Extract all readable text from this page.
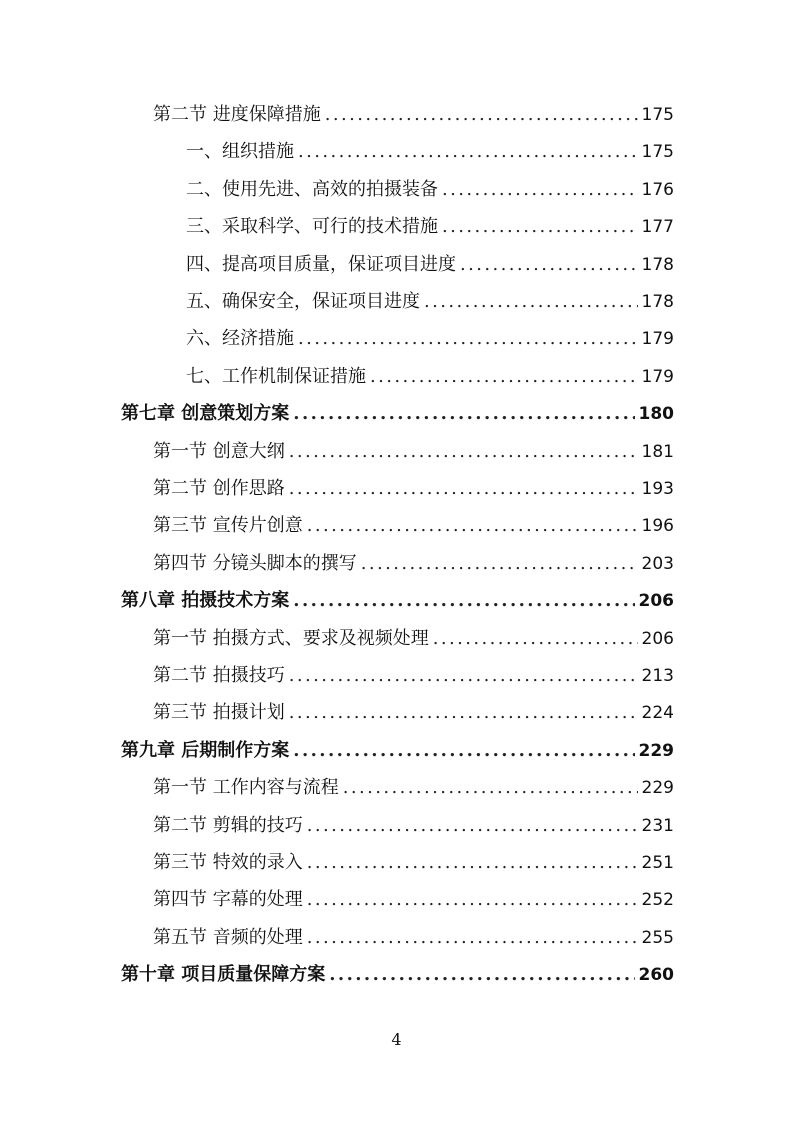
第二节 进度保障措施 .....	175
一、组织措施 .....	175
二、使用先进、高效的拍摄装备 .....	176
三、采取科学、可行的技术措施 .....	177
四、提高项目质量，保证项目进度 .....	178
五、确保安全，保证项目进度 .....	178
六、经济措施 .....	179
七、工作机制保证措施 .....	179
第七章 创意策划方案 .....	180
第一节 创意大纲 .....	181
第二节 创作思路 .....	193
第三节 宣传片创意 .....	196
第四节 分镜头脚本的撰写 .....	203
第八章 拍摄技术方案 .....	206
第一节 拍摄方式、要求及视频处理 .....	206
第二节 拍摄技巧 .....	213
第三节 拍摄计划 .....	224
第九章 后期制作方案 .....	229
第一节 工作内容与流程 .....	229
第二节 剪辑的技巧 .....	231
第三节 特效的录入 .....	251
第四节 字幕的处理 .....	252
第五节 音频的处理 .....	255
第十章 项目质量保障方案 .....	260
4
